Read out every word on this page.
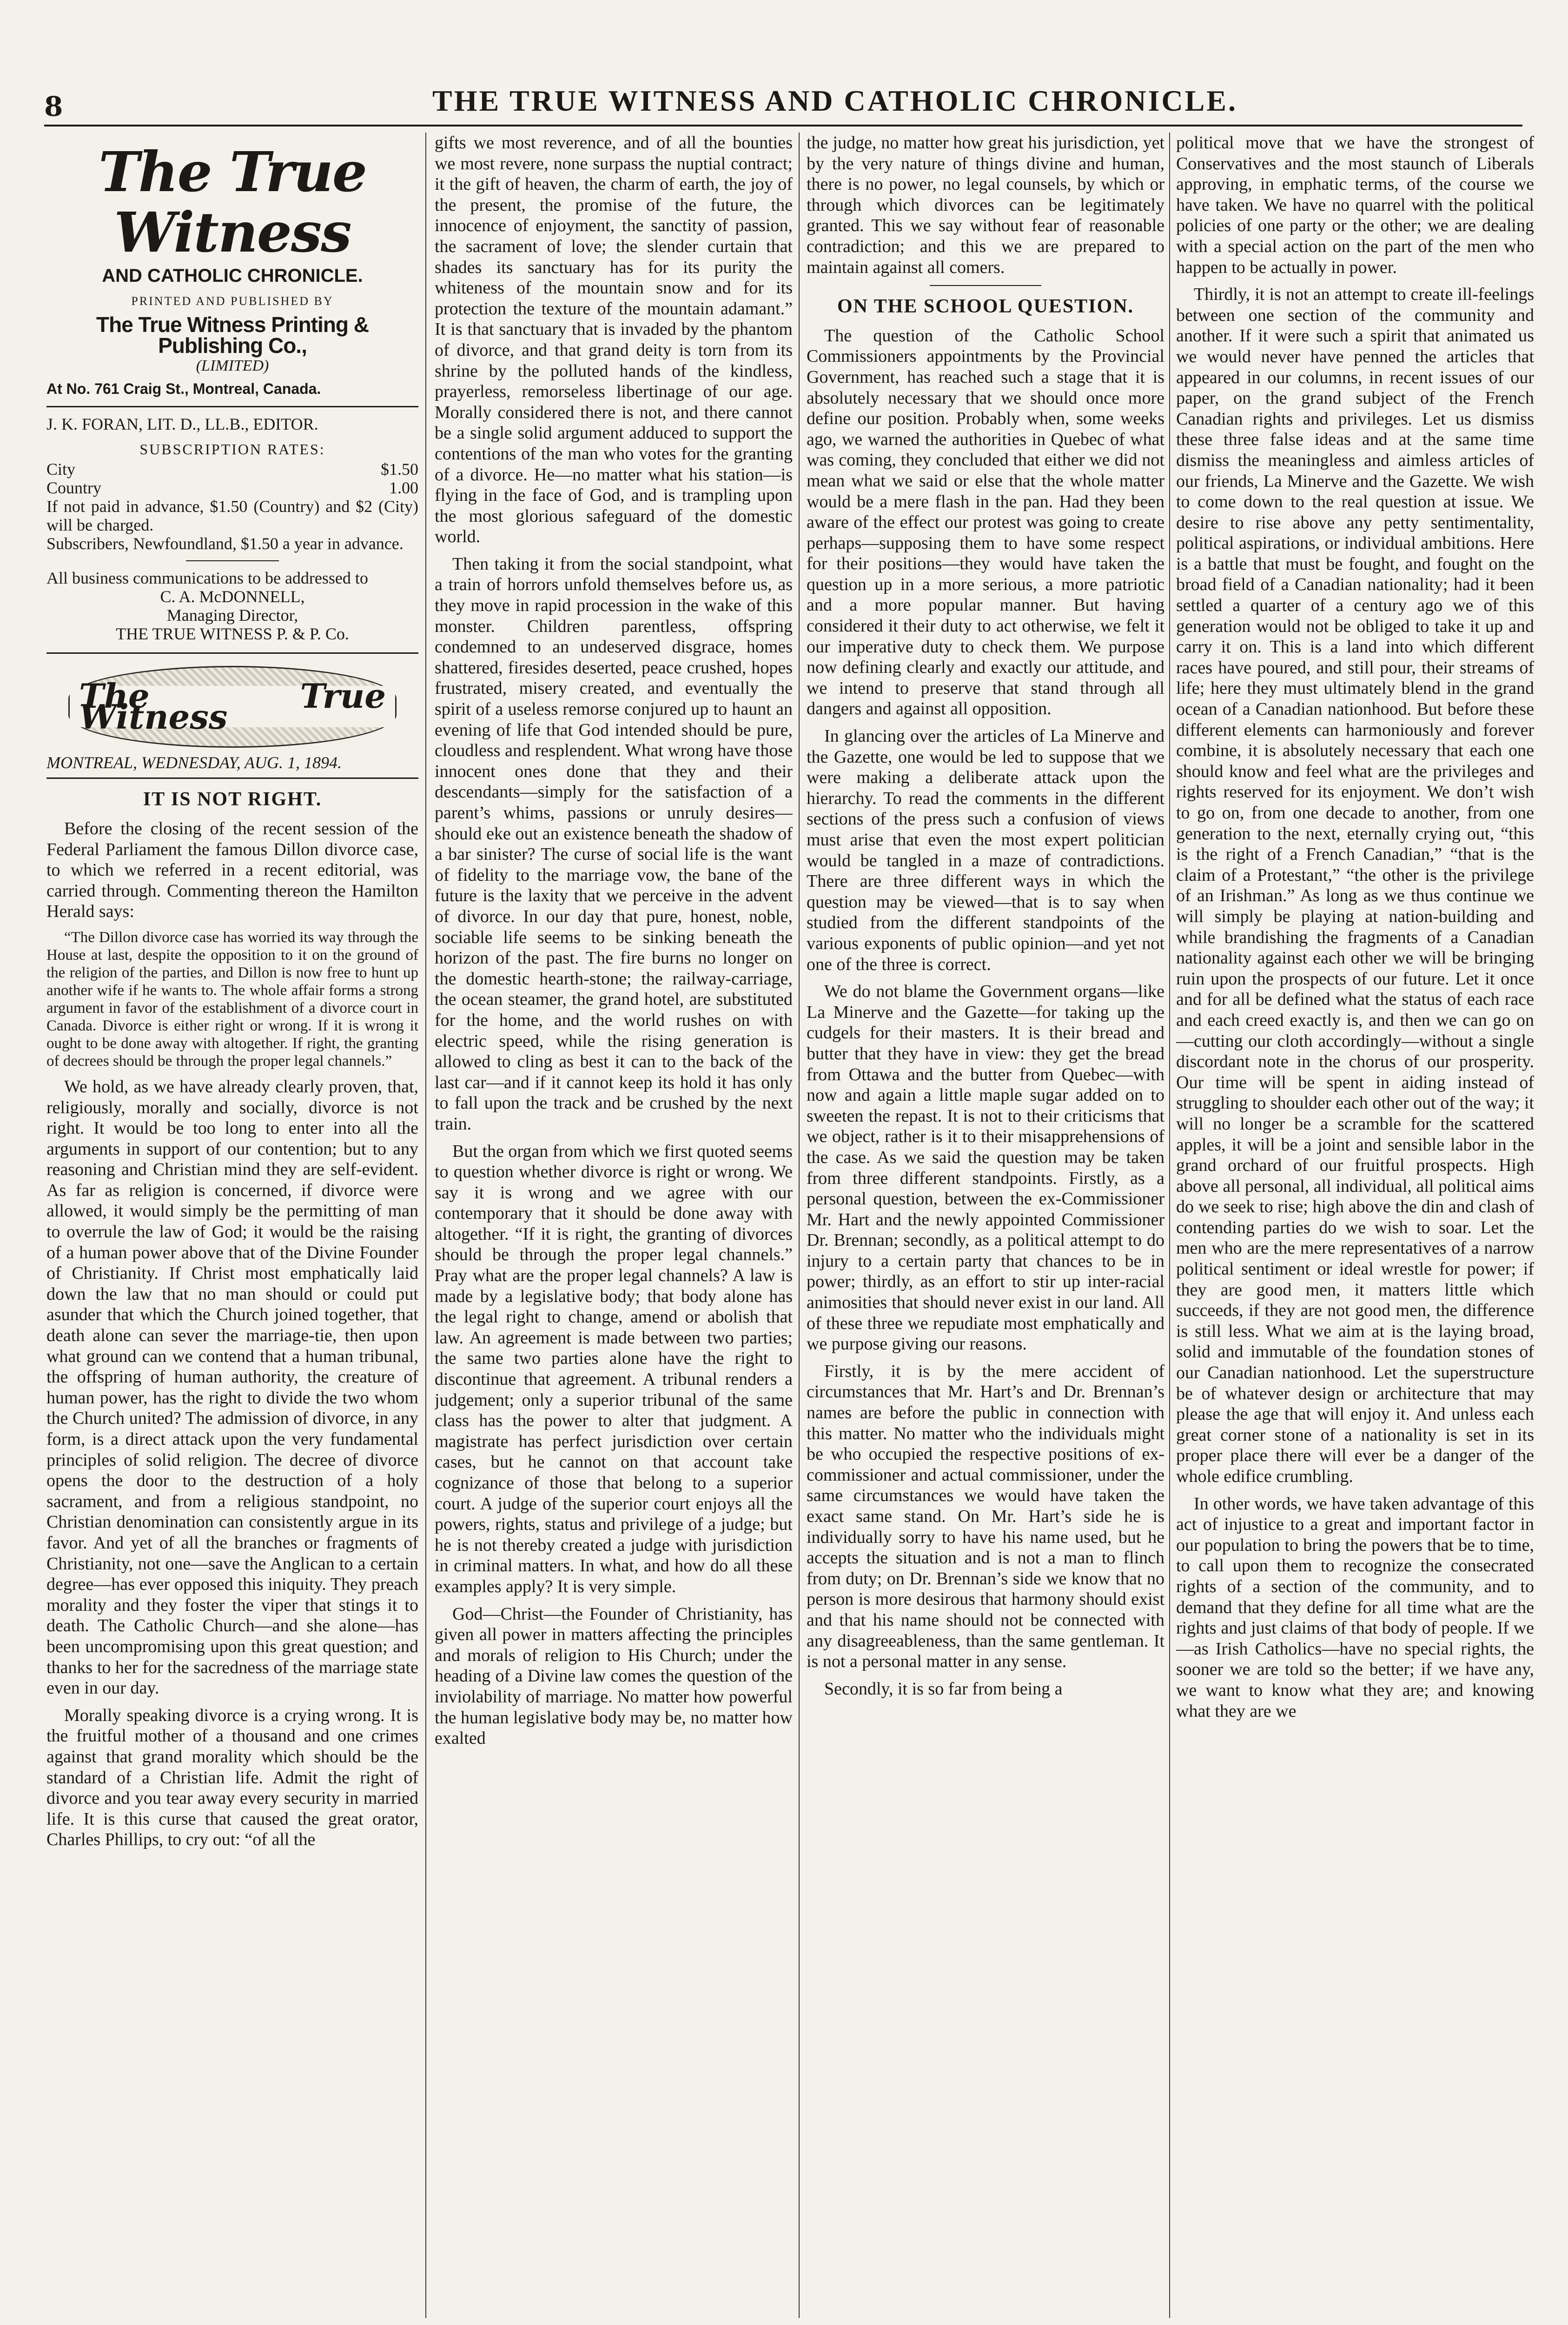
8	THE TRUE WITNESS AND CATHOLIC CHRONICLE.
The True Witness
AND CATHOLIC CHRONICLE.
PRINTED AND PUBLISHED BY
The True Witness Printing & Publishing Co.,
(LIMITED)
At No. 761 Craig St., Montreal, Canada.
J. K. FORAN, LIT. D., LL.B., EDITOR.
SUBSCRIPTION RATES:
City	$1.50
Country	1.00
If not paid in advance, $1.50 (Country) and $2 (City) will be charged.
Subscribers, Newfoundland, $1.50 a year in advance.
All business communications to be addressed to
C. A. McDONNELL,
Managing Director,
THE TRUE WITNESS P. & P. Co.
The True Witness
MONTREAL, WEDNESDAY, AUG. 1, 1894.
IT IS NOT RIGHT.

Before the closing of the recent session of the Federal Parliament the famous Dillon divorce case, to which we referred in a recent editorial, was carried through. Commenting thereon the Hamilton Herald says:

“The Dillon divorce case has worried its way through the House at last, despite the opposition to it on the ground of the religion of the parties, and Dillon is now free to hunt up another wife if he wants to. The whole affair forms a strong argument in favor of the establishment of a divorce court in Canada. Divorce is either right or wrong. If it is wrong it ought to be done away with altogether. If right, the granting of decrees should be through the proper legal channels.”

We hold, as we have already clearly proven, that, religiously, morally and socially, divorce is not right. It would be too long to enter into all the arguments in support of our contention; but to any reasoning and Christian mind they are self-evident. As far as religion is concerned, if divorce were allowed, it would simply be the permitting of man to overrule the law of God; it would be the raising of a human power above that of the Divine Founder of Christianity. If Christ most emphatically laid down the law that no man should or could put asunder that which the Church joined together, that death alone can sever the marriage-tie, then upon what ground can we contend that a human tribunal, the offspring of human authority, the creature of human power, has the right to divide the two whom the Church united? The admission of divorce, in any form, is a direct attack upon the very fundamental principles of solid religion. The decree of divorce opens the door to the destruction of a holy sacrament, and from a religious standpoint, no Christian denomination can consistently argue in its favor. And yet of all the branches or fragments of Christianity, not one—save the Anglican to a certain degree—has ever opposed this iniquity. They preach morality and they foster the viper that stings it to death. The Catholic Church—and she alone—has been uncompromising upon this great question; and thanks to her for the sacredness of the marriage state even in our day.

Morally speaking divorce is a crying wrong. It is the fruitful mother of a thousand and one crimes against that grand morality which should be the standard of a Christian life. Admit the right of divorce and you tear away every security in married life. It is this curse that caused the great orator, Charles Phillips, to cry out: “of all the

gifts we most reverence, and of all the bounties we most revere, none surpass the nuptial contract; it the gift of heaven, the charm of earth, the joy of the present, the promise of the future, the innocence of enjoyment, the sanctity of passion, the sacrament of love; the slender curtain that shades its sanctuary has for its purity the whiteness of the mountain snow and for its protection the texture of the mountain adamant.” It is that sanctuary that is invaded by the phantom of divorce, and that grand deity is torn from its shrine by the polluted hands of the kindless, prayerless, remorseless libertinage of our age. Morally considered there is not, and there cannot be a single solid argument adduced to support the contentions of the man who votes for the granting of a divorce. He—no matter what his station—is flying in the face of God, and is trampling upon the most glorious safeguard of the domestic world.

Then taking it from the social standpoint, what a train of horrors unfold themselves before us, as they move in rapid procession in the wake of this monster. Children parentless, offspring condemned to an undeserved disgrace, homes shattered, firesides deserted, peace crushed, hopes frustrated, misery created, and eventually the spirit of a useless remorse conjured up to haunt an evening of life that God intended should be pure, cloudless and resplendent. What wrong have those innocent ones done that they and their descendants—simply for the satisfaction of a parent’s whims, passions or unruly desires—should eke out an existence beneath the shadow of a bar sinister? The curse of social life is the want of fidelity to the marriage vow, the bane of the future is the laxity that we perceive in the advent of divorce. In our day that pure, honest, noble, sociable life seems to be sinking beneath the horizon of the past. The fire burns no longer on the domestic hearth-stone; the railway-carriage, the ocean steamer, the grand hotel, are substituted for the home, and the world rushes on with electric speed, while the rising generation is allowed to cling as best it can to the back of the last car—and if it cannot keep its hold it has only to fall upon the track and be crushed by the next train.

But the organ from which we first quoted seems to question whether divorce is right or wrong. We say it is wrong and we agree with our contemporary that it should be done away with altogether. “If it is right, the granting of divorces should be through the proper legal channels.” Pray what are the proper legal channels? A law is made by a legislative body; that body alone has the legal right to change, amend or abolish that law. An agreement is made between two parties; the same two parties alone have the right to discontinue that agreement. A tribunal renders a judgement; only a superior tribunal of the same class has the power to alter that judgment. A magistrate has perfect jurisdiction over certain cases, but he cannot on that account take cognizance of those that belong to a superior court. A judge of the superior court enjoys all the powers, rights, status and privilege of a judge; but he is not thereby created a judge with jurisdiction in criminal matters. In what, and how do all these examples apply? It is very simple.

God—Christ—the Founder of Christianity, has given all power in matters affecting the principles and morals of religion to His Church; under the heading of a Divine law comes the question of the inviolability of marriage. No matter how powerful the human legislative body may be, no matter how exalted

the judge, no matter how great his jurisdiction, yet by the very nature of things divine and human, there is no power, no legal counsels, by which or through which divorces can be legitimately granted. This we say without fear of reasonable contradiction; and this we are prepared to maintain against all comers.

ON THE SCHOOL QUESTION.

The question of the Catholic School Commissioners appointments by the Provincial Government, has reached such a stage that it is absolutely necessary that we should once more define our position. Probably when, some weeks ago, we warned the authorities in Quebec of what was coming, they concluded that either we did not mean what we said or else that the whole matter would be a mere flash in the pan. Had they been aware of the effect our protest was going to create perhaps—supposing them to have some respect for their positions—they would have taken the question up in a more serious, a more patriotic and a more popular manner. But having considered it their duty to act otherwise, we felt it our imperative duty to check them. We purpose now defining clearly and exactly our attitude, and we intend to preserve that stand through all dangers and against all opposition.

In glancing over the articles of La Minerve and the Gazette, one would be led to suppose that we were making a deliberate attack upon the hierarchy. To read the comments in the different sections of the press such a confusion of views must arise that even the most expert politician would be tangled in a maze of contradictions. There are three different ways in which the question may be viewed—that is to say when studied from the different standpoints of the various exponents of public opinion—and yet not one of the three is correct.

We do not blame the Government organs—like La Minerve and the Gazette—for taking up the cudgels for their masters. It is their bread and butter that they have in view: they get the bread from Ottawa and the butter from Quebec—with now and again a little maple sugar added on to sweeten the repast. It is not to their criticisms that we object, rather is it to their misapprehensions of the case. As we said the question may be taken from three different standpoints. Firstly, as a personal question, between the ex-Commissioner Mr. Hart and the newly appointed Commissioner Dr. Brennan; secondly, as a political attempt to do injury to a certain party that chances to be in power; thirdly, as an effort to stir up inter-racial animosities that should never exist in our land. All of these three we repudiate most emphatically and we purpose giving our reasons.

Firstly, it is by the mere accident of circumstances that Mr. Hart’s and Dr. Brennan’s names are before the public in connection with this matter. No matter who the individuals might be who occupied the respective positions of ex-commissioner and actual commissioner, under the same circumstances we would have taken the exact same stand. On Mr. Hart’s side he is individually sorry to have his name used, but he accepts the situation and is not a man to flinch from duty; on Dr. Brennan’s side we know that no person is more desirous that harmony should exist and that his name should not be connected with any disagreeableness, than the same gentleman. It is not a personal matter in any sense.

Secondly, it is so far from being a

political move that we have the strongest of Conservatives and the most staunch of Liberals approving, in emphatic terms, of the course we have taken. We have no quarrel with the political policies of one party or the other; we are dealing with a special action on the part of the men who happen to be actually in power.

Thirdly, it is not an attempt to create ill-feelings between one section of the community and another. If it were such a spirit that animated us we would never have penned the articles that appeared in our columns, in recent issues of our paper, on the grand subject of the French Canadian rights and privileges. Let us dismiss these three false ideas and at the same time dismiss the meaningless and aimless articles of our friends, La Minerve and the Gazette. We wish to come down to the real question at issue. We desire to rise above any petty sentimentality, political aspirations, or individual ambitions. Here is a battle that must be fought, and fought on the broad field of a Canadian nationality; had it been settled a quarter of a century ago we of this generation would not be obliged to take it up and carry it on. This is a land into which different races have poured, and still pour, their streams of life; here they must ultimately blend in the grand ocean of a Canadian nationhood. But before these different elements can harmoniously and forever combine, it is absolutely necessary that each one should know and feel what are the privileges and rights reserved for its enjoyment. We don’t wish to go on, from one decade to another, from one generation to the next, eternally crying out, “this is the right of a French Canadian,” “that is the claim of a Protestant,” “the other is the privilege of an Irishman.” As long as we thus continue we will simply be playing at nation-building and while brandishing the fragments of a Canadian nationality against each other we will be bringing ruin upon the prospects of our future. Let it once and for all be defined what the status of each race and each creed exactly is, and then we can go on—cutting our cloth accordingly—without a single discordant note in the chorus of our prosperity. Our time will be spent in aiding instead of struggling to shoulder each other out of the way; it will no longer be a scramble for the scattered apples, it will be a joint and sensible labor in the grand orchard of our fruitful prospects. High above all personal, all individual, all political aims do we seek to rise; high above the din and clash of contending parties do we wish to soar. Let the men who are the mere representatives of a narrow political sentiment or ideal wrestle for power; if they are good men, it matters little which succeeds, if they are not good men, the difference is still less. What we aim at is the laying broad, solid and immutable of the foundation stones of our Canadian nationhood. Let the superstructure be of whatever design or architecture that may please the age that will enjoy it. And unless each great corner stone of a nationality is set in its proper place there will ever be a danger of the whole edifice crumbling.

In other words, we have taken advantage of this act of injustice to a great and important factor in our population to bring the powers that be to time, to call upon them to recognize the consecrated rights of a section of the community, and to demand that they define for all time what are the rights and just claims of that body of people. If we—as Irish Catholics—have no special rights, the sooner we are told so the better; if we have any, we want to know what they are; and knowing what they are we
